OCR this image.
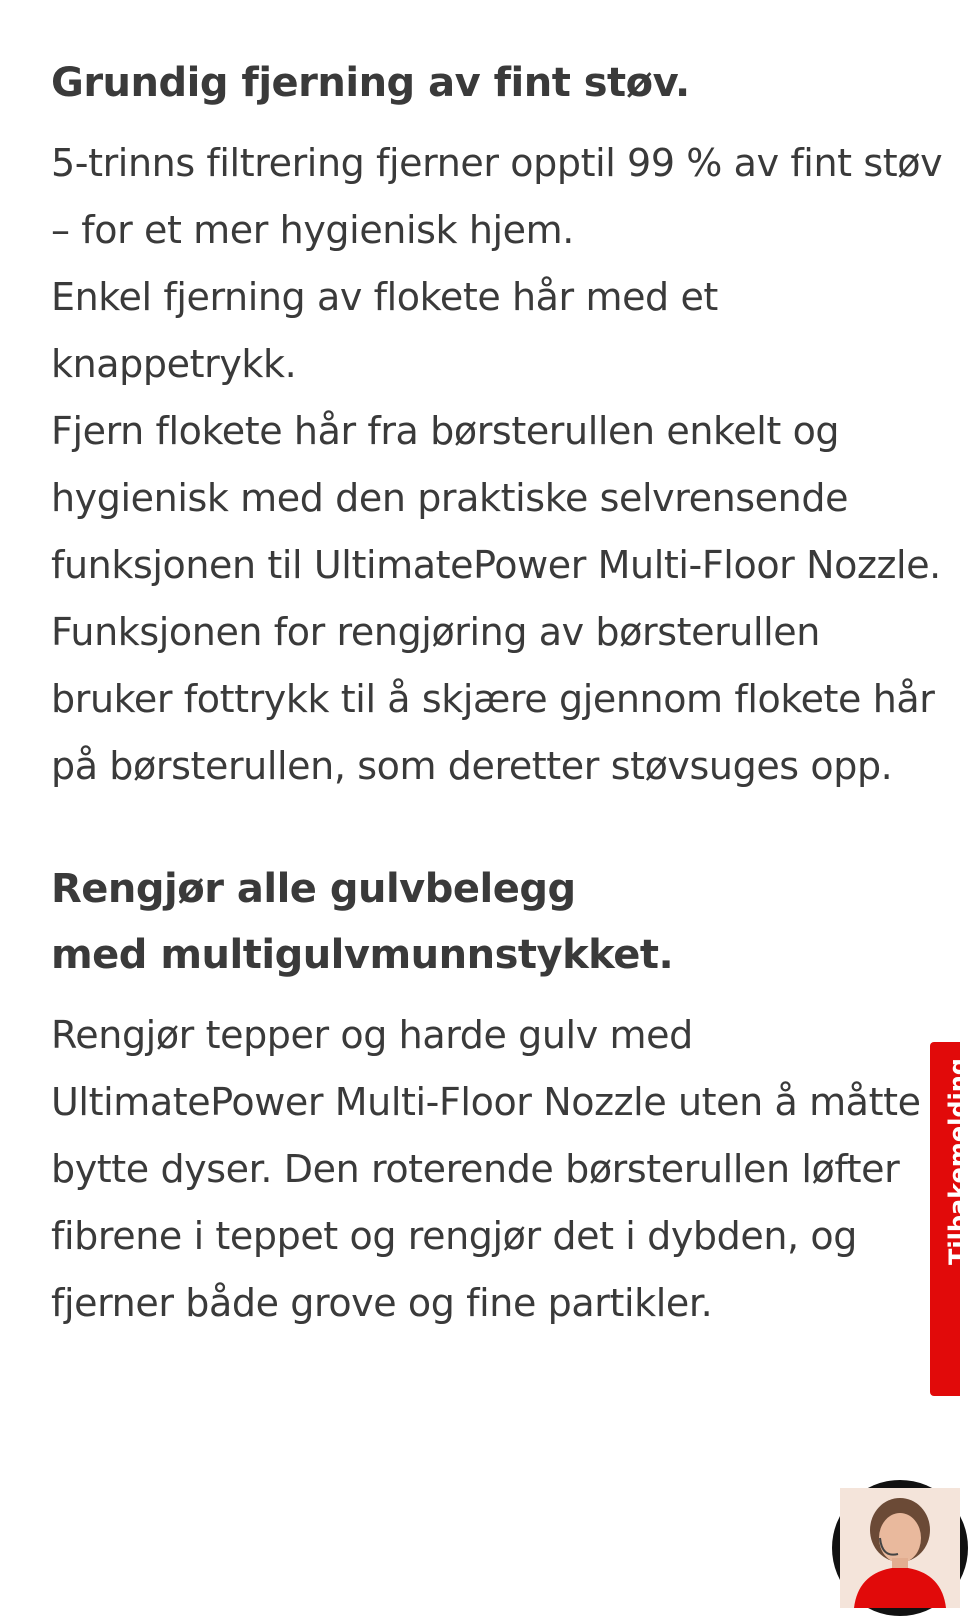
Grundig fjerning av fint støv.

5-trinns filtrering fjerner opptil 99 % av fint støv – for et mer hygienisk hjem.

Enkel fjerning av flokete hår med et knappetrykk.

Fjern flokete hår fra børsterullen enkelt og hygienisk med den praktiske selvrensende funksjonen til UltimatePower Multi-Floor Nozzle.

Funksjonen for rengjøring av børsterullen bruker fottrykk til å skjære gjennom flokete hår på børsterullen, som deretter støvsuges opp.

Rengjør alle gulvbelegg
med multigulvmunnstykket.

Rengjør tepper og harde gulv med UltimatePower Multi-Floor Nozzle uten å måtte bytte dyser. Den roterende børsterullen løfter fibrene i teppet og rengjør det i dybden, og fjerner både grove og fine partikler.

Tilbakemelding
